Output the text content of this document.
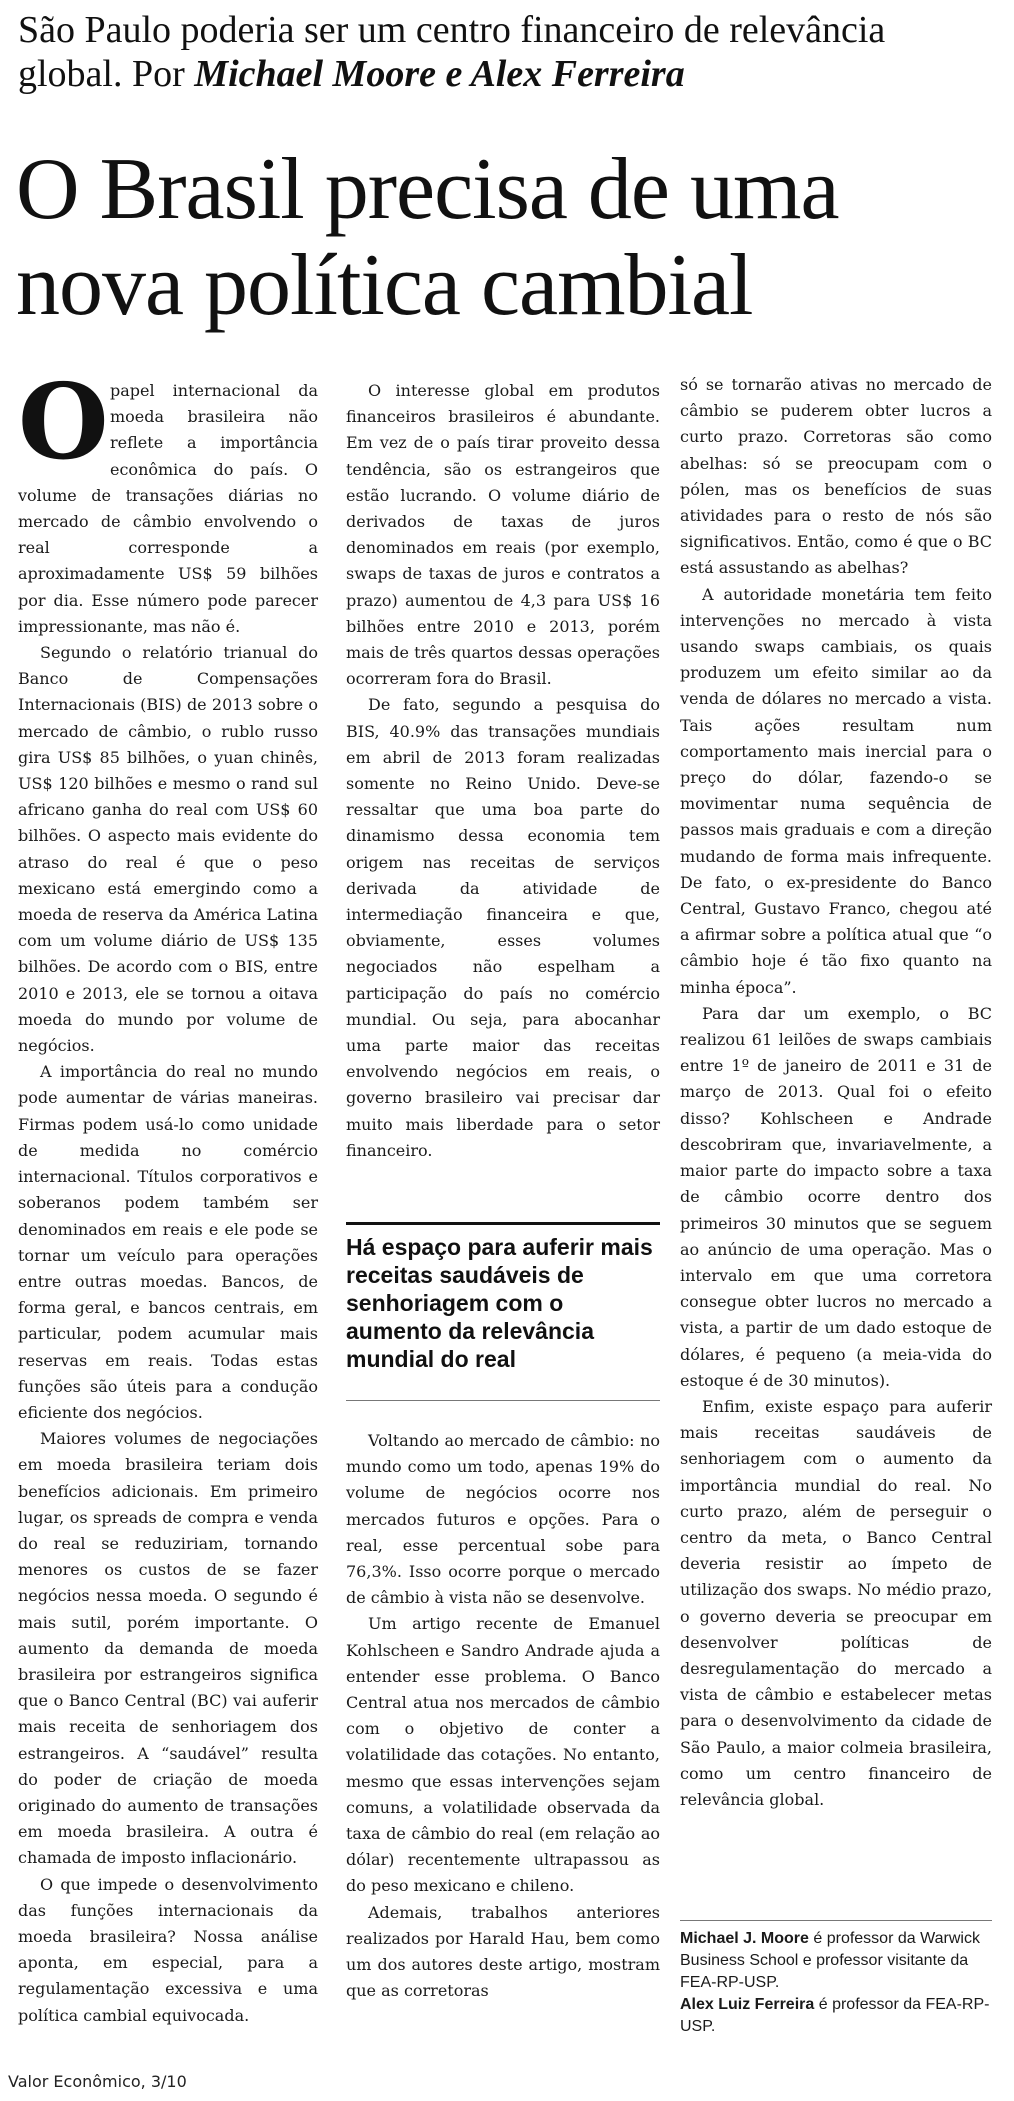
São Paulo poderia ser um centro financeiro de relevância global. Por Michael Moore e Alex Ferreira
O Brasil precisa de uma nova política cambial

Opapel internacional da moeda brasileira não reflete a importância econômica do país. O volume de transações diárias no mercado de câmbio envolvendo o real corresponde a aproximadamente US$ 59 bilhões por dia. Esse número pode parecer impressionante, mas não é.

Segundo o relatório trianual do Banco de Compensações Internacionais (BIS) de 2013 sobre o mercado de câmbio, o rublo russo gira US$ 85 bilhões, o yuan chinês, US$ 120 bilhões e mesmo o rand sul africano ganha do real com US$ 60 bilhões. O aspecto mais evidente do atraso do real é que o peso mexicano está emergindo como a moeda de reserva da América Latina com um volume diário de US$ 135 bilhões. De acordo com o BIS, entre 2010 e 2013, ele se tornou a oitava moeda do mundo por volume de negócios.

A importância do real no mundo pode aumentar de várias maneiras. Firmas podem usá-lo como unidade de medida no comércio internacional. Títulos corporativos e soberanos podem também ser denominados em reais e ele pode se tornar um veículo para operações entre outras moedas. Bancos, de forma geral, e bancos centrais, em particular, podem acumular mais reservas em reais. Todas estas funções são úteis para a condução eficiente dos negócios.

Maiores volumes de negociações em moeda brasileira teriam dois benefícios adicionais. Em primeiro lugar, os spreads de compra e venda do real se reduziriam, tornando menores os custos de se fazer negócios nessa moeda. O segundo é mais sutil, porém importante. O aumento da demanda de moeda brasileira por estrangeiros significa que o Banco Central (BC) vai auferir mais receita de senhoriagem dos estrangeiros. A “saudável” resulta do poder de criação de moeda originado do aumento de transações em moeda brasileira. A outra é chamada de imposto inflacionário.

O que impede o desenvolvimento das funções internacionais da moeda brasileira? Nossa análise aponta, em especial, para a regulamentação excessiva e uma política cambial equivocada.

O interesse global em produtos financeiros brasileiros é abundante. Em vez de o país tirar proveito dessa tendência, são os estrangeiros que estão lucrando. O volume diário de derivados de taxas de juros denominados em reais (por exemplo, swaps de taxas de juros e contratos a prazo) aumentou de 4,3 para US$ 16 bilhões entre 2010 e 2013, porém mais de três quartos dessas operações ocorreram fora do Brasil.

De fato, segundo a pesquisa do BIS, 40.9% das transações mundiais em abril de 2013 foram realizadas somente no Reino Unido. Deve-se ressaltar que uma boa parte do dinamismo dessa economia tem origem nas receitas de serviços derivada da atividade de intermediação financeira e que, obviamente, esses volumes negociados não espelham a participação do país no comércio mundial. Ou seja, para abocanhar uma parte maior das receitas envolvendo negócios em reais, o governo brasileiro vai precisar dar muito mais liberdade para o setor financeiro.

Há espaço para auferir mais receitas saudáveis de senhoriagem com o aumento da relevância mundial do real

Voltando ao mercado de câmbio: no mundo como um todo, apenas 19% do volume de negócios ocorre nos mercados futuros e opções. Para o real, esse percentual sobe para 76,3%. Isso ocorre porque o mercado de câmbio à vista não se desenvolve.

Um artigo recente de Emanuel Kohlscheen e Sandro Andrade ajuda a entender esse problema. O Banco Central atua nos mercados de câmbio com o objetivo de conter a volatilidade das cotações. No entanto, mesmo que essas intervenções sejam comuns, a volatilidade observada da taxa de câmbio do real (em relação ao dólar) recentemente ultrapassou as do peso mexicano e chileno.

Ademais, trabalhos anteriores realizados por Harald Hau, bem como um dos autores deste artigo, mostram que as corretoras

só se tornarão ativas no mercado de câmbio se puderem obter lucros a curto prazo. Corretoras são como abelhas: só se preocupam com o pólen, mas os benefícios de suas atividades para o resto de nós são significativos. Então, como é que o BC está assustando as abelhas?

A autoridade monetária tem feito intervenções no mercado à vista usando swaps cambiais, os quais produzem um efeito similar ao da venda de dólares no mercado a vista. Tais ações resultam num comportamento mais inercial para o preço do dólar, fazendo-o se movimentar numa sequência de passos mais graduais e com a direção mudando de forma mais infrequente. De fato, o ex-presidente do Banco Central, Gustavo Franco, chegou até a afirmar sobre a política atual que “o câmbio hoje é tão fixo quanto na minha época”.

Para dar um exemplo, o BC realizou 61 leilões de swaps cambiais entre 1º de janeiro de 2011 e 31 de março de 2013. Qual foi o efeito disso? Kohlscheen e Andrade descobriram que, invariavelmente, a maior parte do impacto sobre a taxa de câmbio ocorre dentro dos primeiros 30 minutos que se seguem ao anúncio de uma operação. Mas o intervalo em que uma corretora consegue obter lucros no mercado a vista, a partir de um dado estoque de dólares, é pequeno (a meia-vida do estoque é de 30 minutos).

Enfim, existe espaço para auferir mais receitas saudáveis de senhoriagem com o aumento da importância mundial do real. No curto prazo, além de perseguir o centro da meta, o Banco Central deveria resistir ao ímpeto de utilização dos swaps. No médio prazo, o governo deveria se preocupar em desenvolver políticas de desregulamentação do mercado a vista de câmbio e estabelecer metas para o desenvolvimento da cidade de São Paulo, a maior colmeia brasileira, como um centro financeiro de relevância global.

Michael J. Moore é professor da Warwick Business School e professor visitante da FEA-RP-USP.

Alex Luiz Ferreira é professor da FEA-RP-USP.

Valor Econômico, 3/10
